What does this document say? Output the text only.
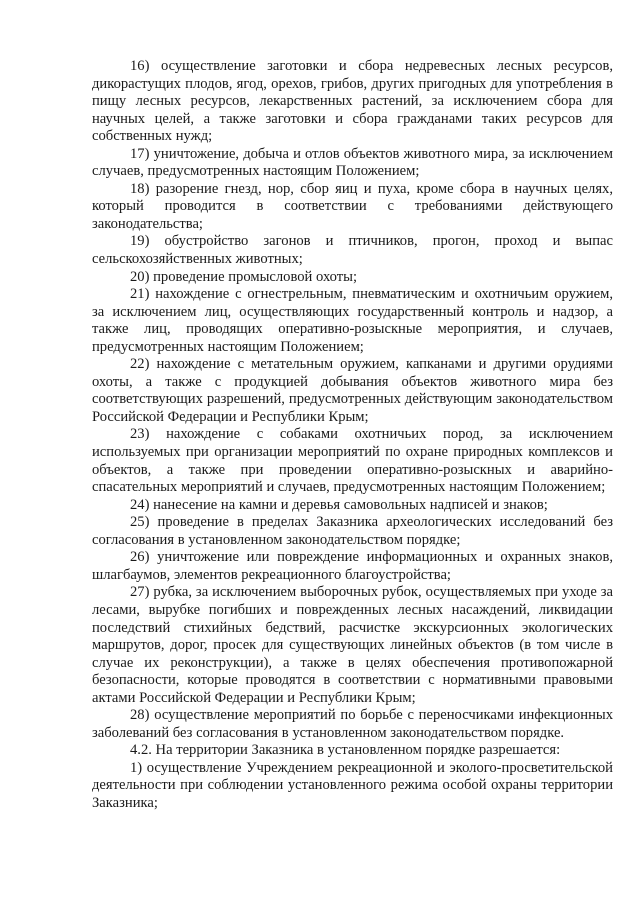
16) осуществление заготовки и сбора недревесных лесных ресурсов, дикорастущих плодов, ягод, орехов, грибов, других пригодных для употребления в пищу лесных ресурсов, лекарственных растений, за исключением сбора для научных целей, а также заготовки и сбора гражданами таких ресурсов для собственных нужд;

17) уничтожение, добыча и отлов объектов животного мира, за исключением случаев, предусмотренных настоящим Положением;

18) разорение гнезд, нор, сбор яиц и пуха, кроме сбора в научных целях, который проводится в соответствии с требованиями действующего законодательства;

19) обустройство загонов и птичников, прогон, проход и выпас сельскохозяйственных животных;

20) проведение промысловой охоты;

21) нахождение с огнестрельным, пневматическим и охотничьим оружием, за исключением лиц, осуществляющих государственный контроль и надзор, а также лиц, проводящих оперативно-розыскные мероприятия, и случаев, предусмотренных настоящим Положением;

22) нахождение с метательным оружием, капканами и другими орудиями охоты, а также с продукцией добывания объектов животного мира без соответствующих разрешений, предусмотренных действующим законодательством Российской Федерации и Республики Крым;

23) нахождение с собаками охотничьих пород, за исключением используемых при организации мероприятий по охране природных комплексов и объектов, а также при проведении оперативно-розыскных и аварийно-спасательных мероприятий и случаев, предусмотренных настоящим Положением;

24) нанесение на камни и деревья самовольных надписей и знаков;

25) проведение в пределах Заказника археологических исследований без согласования в установленном законодательством порядке;

26) уничтожение или повреждение информационных и охранных знаков, шлагбаумов, элементов рекреационного благоустройства;

27) рубка, за исключением выборочных рубок, осуществляемых при уходе за лесами, вырубке погибших и поврежденных лесных насаждений, ликвидации последствий стихийных бедствий, расчистке экскурсионных экологических маршрутов, дорог, просек для существующих линейных объектов (в том числе в случае их реконструкции), а также в целях обеспечения противопожарной безопасности, которые проводятся в соответствии с нормативными правовыми актами Российской Федерации и Республики Крым;

28) осуществление мероприятий по борьбе с переносчиками инфекционных заболеваний без согласования в установленном законодательством порядке.

4.2. На территории Заказника в установленном порядке разрешается:

1) осуществление Учреждением рекреационной и эколого-просветительской деятельности при соблюдении установленного режима особой охраны территории Заказника;
